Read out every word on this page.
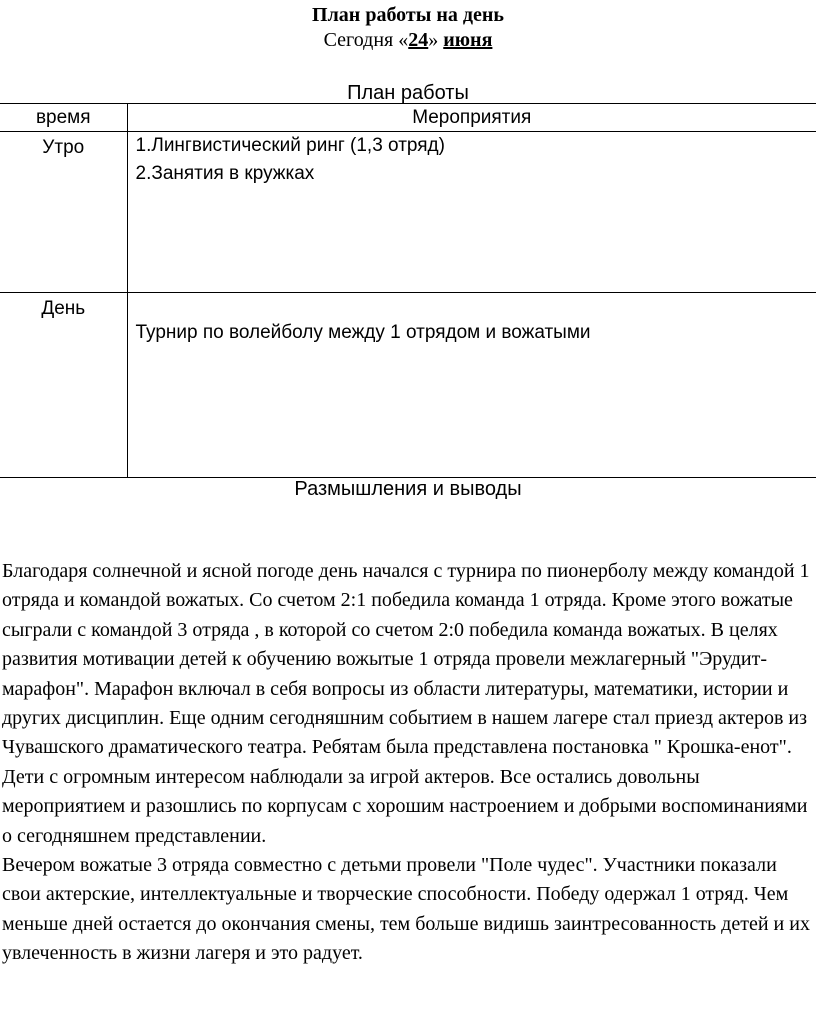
План работы на день
Сегодня «24» июня
План работы
время	Мероприятия
Утро	1.Лингвистический ринг (1,3 отряд)
2.Занятия в кружках

День	Турнир по волейболу между 1 отрядом и вожатыми
Размышления и выводы

Благодаря солнечной и ясной погоде день начался с турнира по пионерболу между командой 1 отряда и командой вожатых. Со счетом 2:1 победила команда 1 отряда. Кроме этого вожатые сыграли с командой 3 отряда , в которой со счетом 2:0 победила команда вожатых. В целях развития мотивации детей к обучению вожытые 1 отряда провели межлагерный "Эрудит-марафон". Марафон включал в себя вопросы из области литературы, математики, истории и других дисциплин. Еще одним сегодняшним событием в нашем лагере стал приезд актеров из Чувашского драматического театра. Ребятам была представлена постановка " Крошка-енот". Дети с огромным интересом наблюдали за игрой актеров. Все остались довольны мероприятием и разошлись по корпусам с хорошим настроением и добрыми воспоминаниями о сегодняшнем представлении.

Вечером вожатые 3 отряда совместно с детьми провели "Поле чудес". Участники показали свои актерские, интеллектуальные и творческие способности. Победу одержал 1 отряд. Чем меньше дней остается до окончания смены, тем больше видишь заинтресованность детей и их увлеченность в жизни лагеря и это радует.
